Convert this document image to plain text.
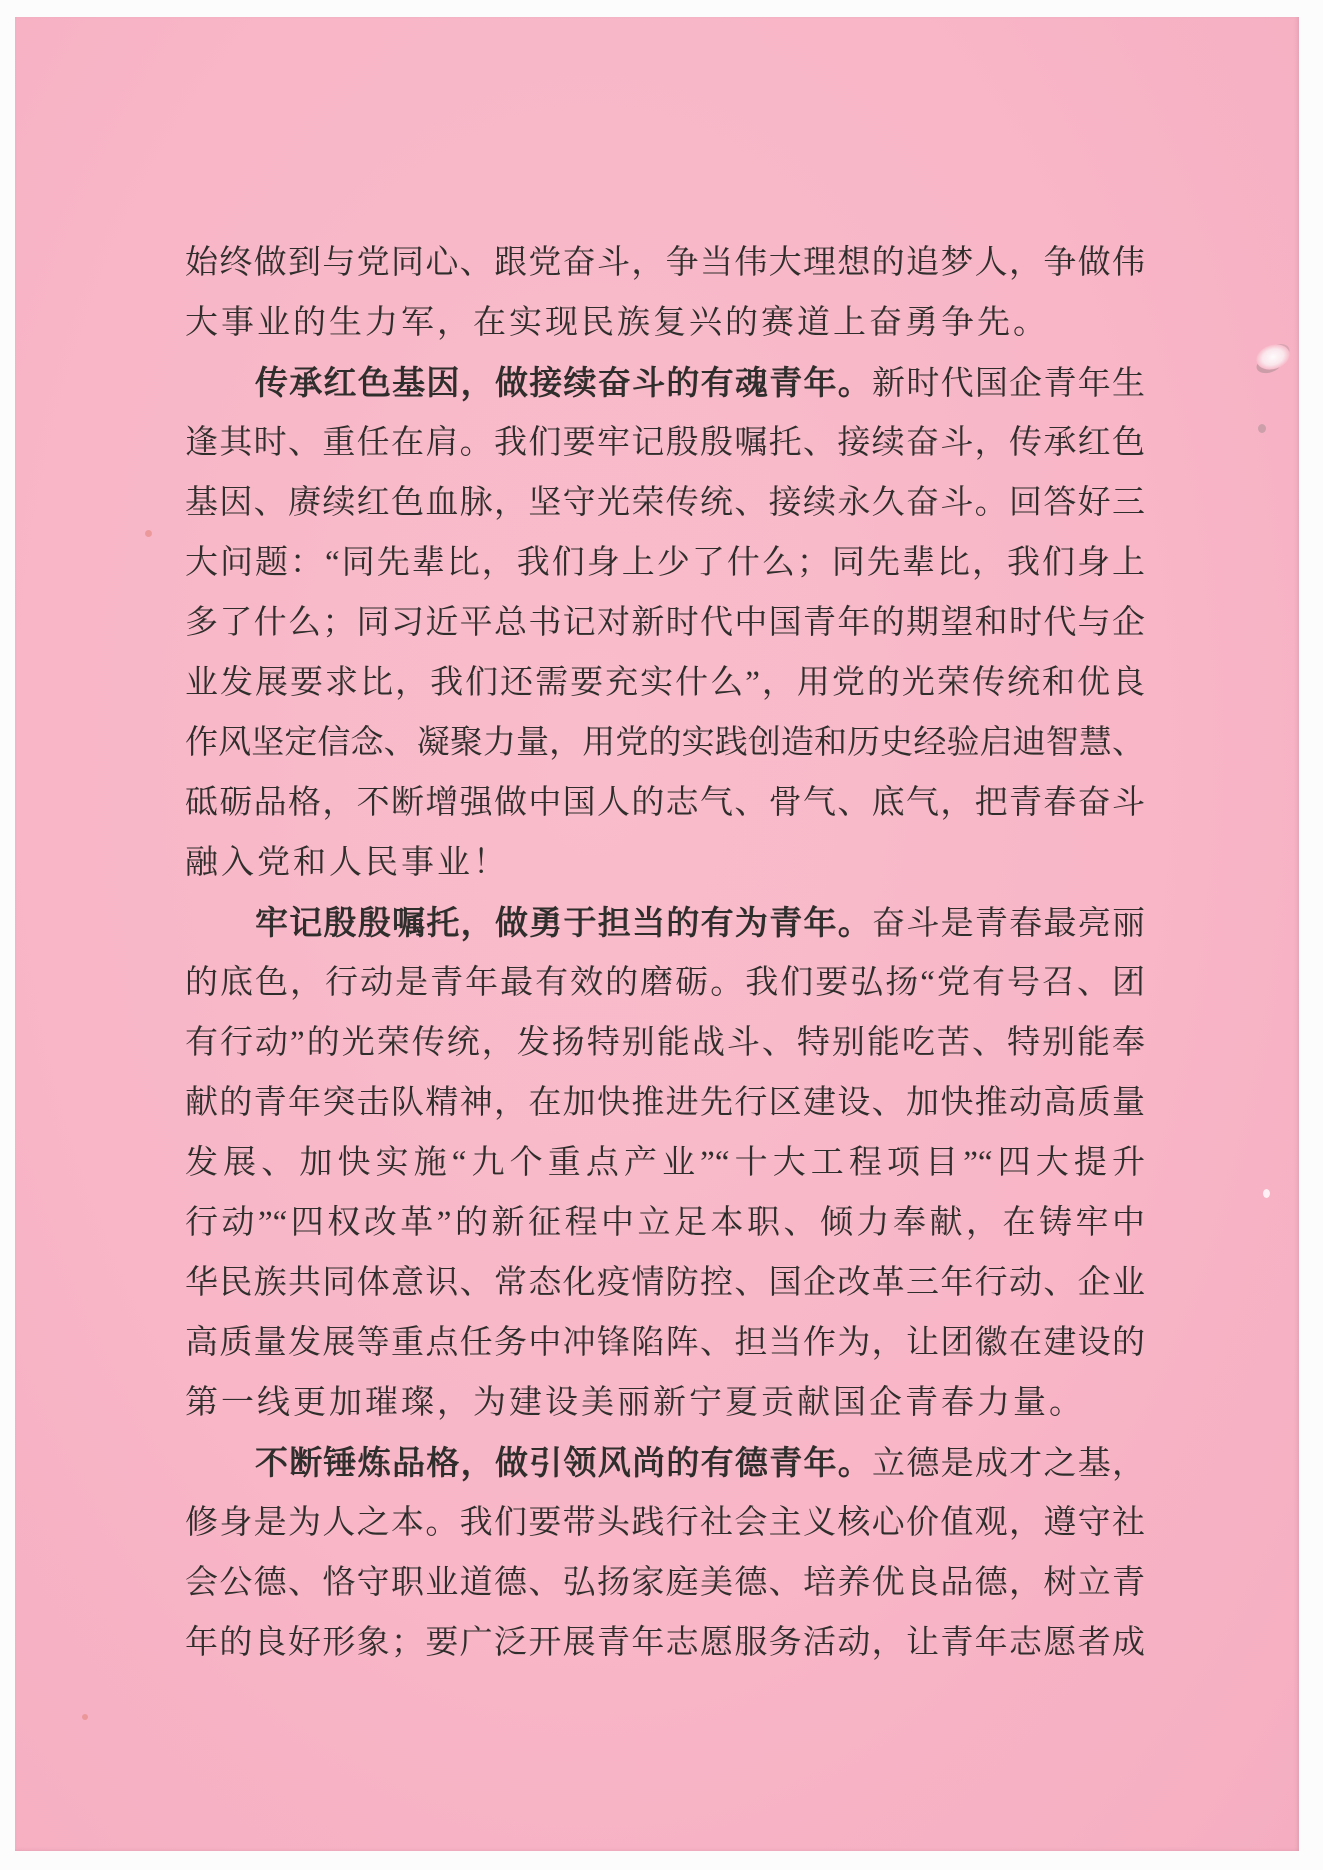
始终做到与党同心、跟党奋斗，争当伟大理想的追梦人，争做伟
大事业的生力军，在实现民族复兴的赛道上奋勇争先。
传承红色基因，做接续奋斗的有魂青年。新时代国企青年生
逢其时、重任在肩。我们要牢记殷殷嘱托、接续奋斗，传承红色
基因、赓续红色血脉，坚守光荣传统、接续永久奋斗。回答好三
大问题：“同先辈比，我们身上少了什么；同先辈比，我们身上
多了什么；同习近平总书记对新时代中国青年的期望和时代与企
业发展要求比，我们还需要充实什么”，用党的光荣传统和优良
作风坚定信念、凝聚力量，用党的实践创造和历史经验启迪智慧、
砥砺品格，不断增强做中国人的志气、骨气、底气，把青春奋斗
融入党和人民事业！
牢记殷殷嘱托，做勇于担当的有为青年。奋斗是青春最亮丽
的底色，行动是青年最有效的磨砺。我们要弘扬“党有号召、团
有行动”的光荣传统，发扬特别能战斗、特别能吃苦、特别能奉
献的青年突击队精神，在加快推进先行区建设、加快推动高质量
发展、加快实施“九个重点产业”“十大工程项目”“四大提升
行动”“四权改革”的新征程中立足本职、倾力奉献，在铸牢中
华民族共同体意识、常态化疫情防控、国企改革三年行动、企业
高质量发展等重点任务中冲锋陷阵、担当作为，让团徽在建设的
第一线更加璀璨，为建设美丽新宁夏贡献国企青春力量。
不断锤炼品格，做引领风尚的有德青年。立德是成才之基，
修身是为人之本。我们要带头践行社会主义核心价值观，遵守社
会公德、恪守职业道德、弘扬家庭美德、培养优良品德，树立青
年的良好形象；要广泛开展青年志愿服务活动，让青年志愿者成
